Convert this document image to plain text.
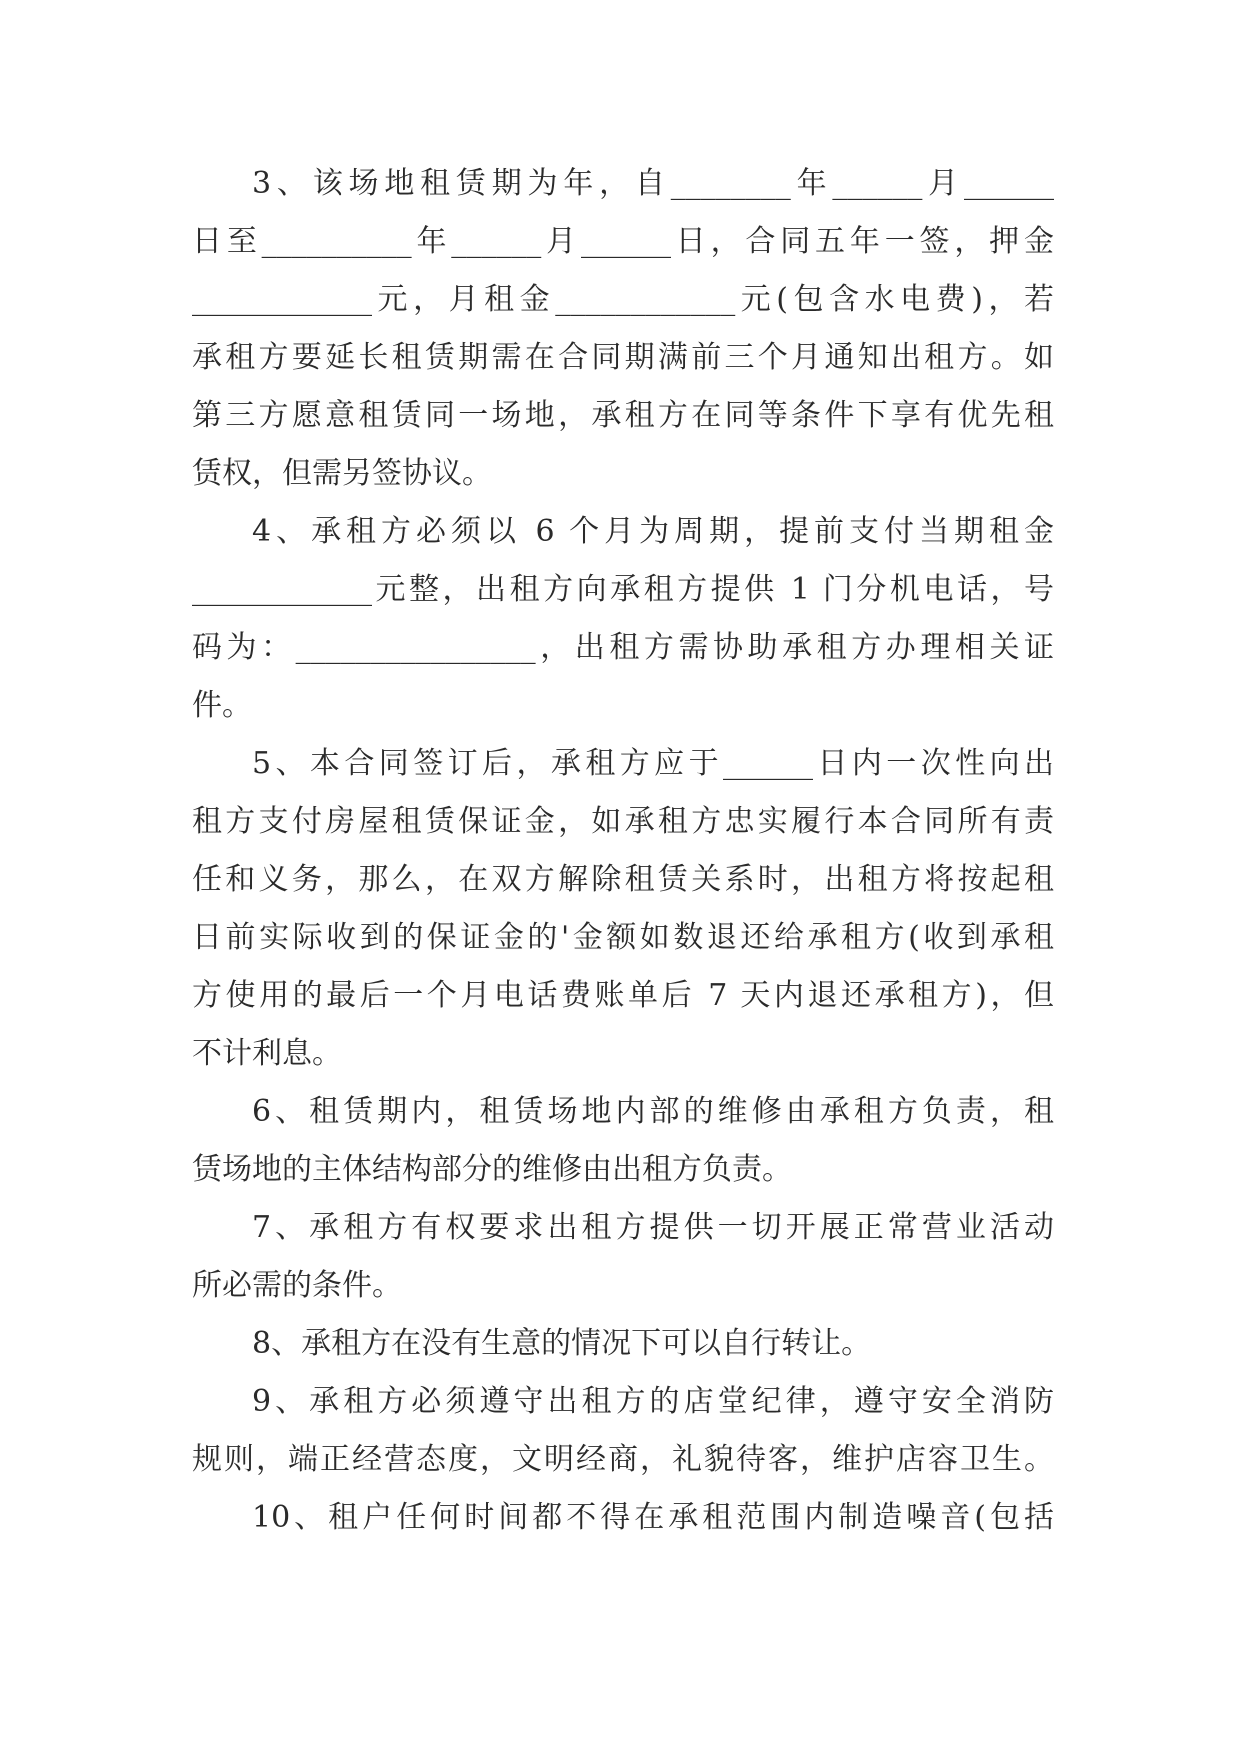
3、该场地租赁期为年，自________年______月______
日至__________年______月______日，合同五年一签，押金
____________元，月租金____________元(包含水电费)，若
承租方要延长租赁期需在合同期满前三个月通知出租方。如
第三方愿意租赁同一场地，承租方在同等条件下享有优先租
赁权，但需另签协议。
4、承租方必须以 6 个月为周期，提前支付当期租金
____________元整，出租方向承租方提供 1 门分机电话，号
码为：________________，出租方需协助承租方办理相关证
件。
5、本合同签订后，承租方应于______日内一次性向出
租方支付房屋租赁保证金，如承租方忠实履行本合同所有责
任和义务，那么，在双方解除租赁关系时，出租方将按起租
日前实际收到的保证金的'金额如数退还给承租方(收到承租
方使用的最后一个月电话费账单后 7 天内退还承租方)，但
不计利息。
6、租赁期内，租赁场地内部的维修由承租方负责，租
赁场地的主体结构部分的维修由出租方负责。
7、承租方有权要求出租方提供一切开展正常营业活动
所必需的条件。
8、承租方在没有生意的情况下可以自行转让。
9、承租方必须遵守出租方的店堂纪律，遵守安全消防
规则，端正经营态度，文明经商，礼貌待客，维护店容卫生。
10、租户任何时间都不得在承租范围内制造噪音(包括
